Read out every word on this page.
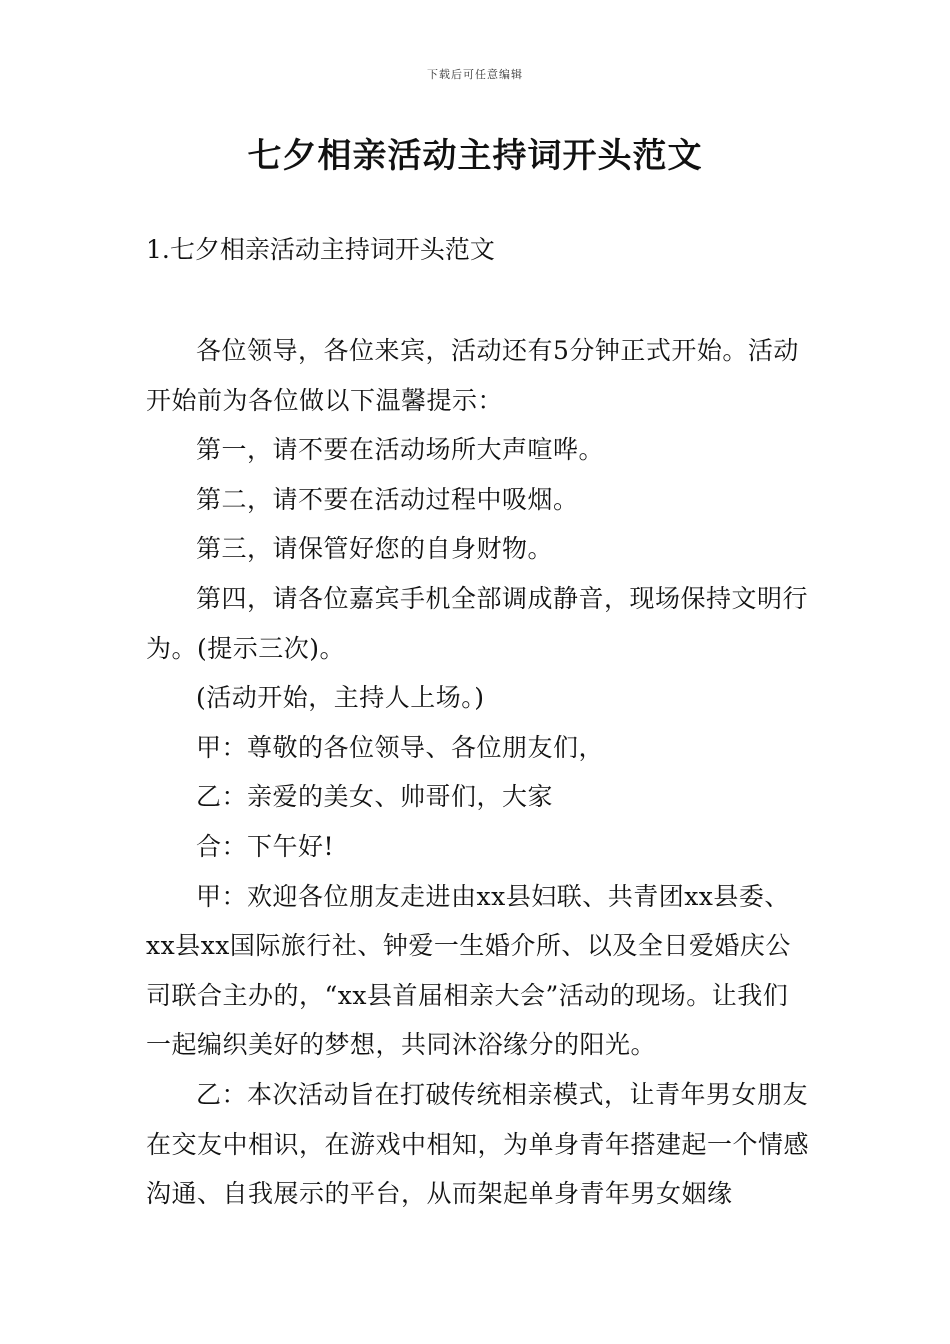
下载后可任意编辑
七夕相亲活动主持词开头范文
1.七夕相亲活动主持词开头范文

各位领导，各位来宾，活动还有5分钟正式开始。活动开始前为各位做以下温馨提示：

第一，请不要在活动场所大声喧哗。

第二，请不要在活动过程中吸烟。

第三，请保管好您的自身财物。

第四，请各位嘉宾手机全部调成静音，现场保持文明行为。(提示三次)。

(活动开始，主持人上场。)

甲：尊敬的各位领导、各位朋友们，

乙：亲爱的美女、帅哥们，大家

合：下午好!

甲：欢迎各位朋友走进由xx县妇联、共青团xx县委、xx县xx国际旅行社、钟爱一生婚介所、以及全日爱婚庆公司联合主办的，“xx县首届相亲大会”活动的现场。让我们一起编织美好的梦想，共同沐浴缘分的阳光。

乙：本次活动旨在打破传统相亲模式，让青年男女朋友在交友中相识，在游戏中相知，为单身青年搭建起一个情感沟通、自我展示的平台，从而架起单身青年男女姻缘
